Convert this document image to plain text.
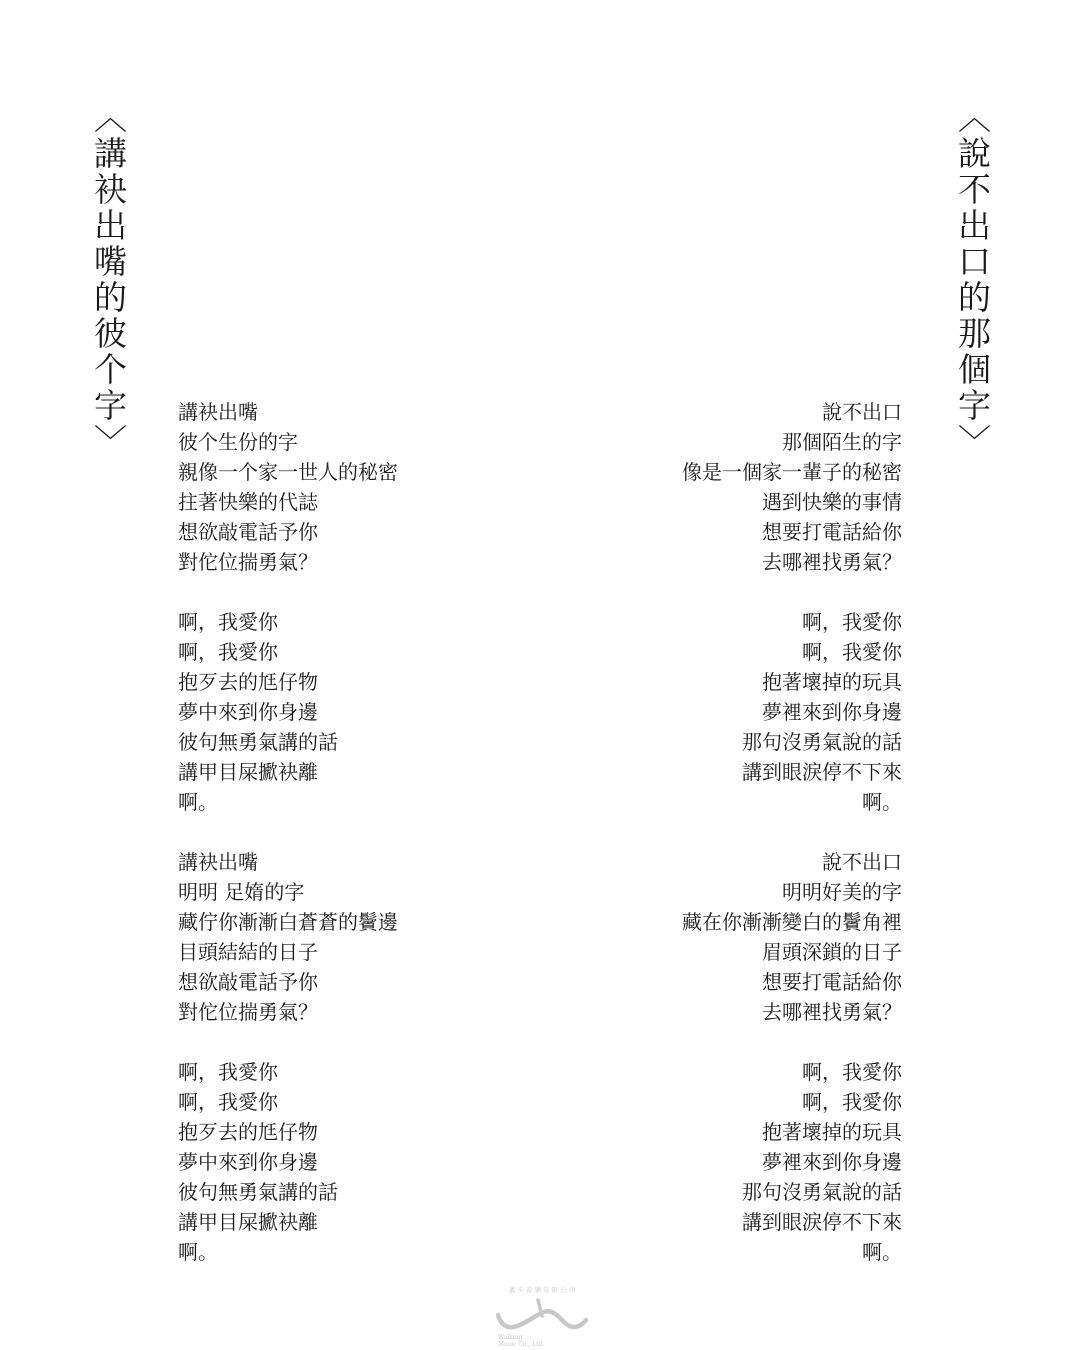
〈講袂出嘴的彼个字〉	〈說不出口的那個字〉
講袂出嘴
彼个生份的字
親像一个家一世人的秘密
拄著快樂的代誌
想欲敲電話予你
對佗位揣勇氣？
啊，我愛你
啊，我愛你
抱歹去的尪仔物
夢中來到你身邊
彼句無勇氣講的話
講甲目屎擨袂離
啊。
講袂出嘴
明明 足媠的字
藏佇你漸漸白蒼蒼的鬢邊
目頭結結的日子
想欲敲電話予你
對佗位揣勇氣？
啊，我愛你
啊，我愛你
抱歹去的尪仔物
夢中來到你身邊
彼句無勇氣講的話
講甲目屎擨袂離
啊。
說不出口
那個陌生的字
像是一個家一輩子的秘密
遇到快樂的事情
想要打電話給你
去哪裡找勇氣？
啊，我愛你
啊，我愛你
抱著壞掉的玩具
夢裡來到你身邊
那句沒勇氣說的話
講到眼淚停不下來
啊。
說不出口
明明好美的字
藏在你漸漸變白的鬢角裡
眉頭深鎖的日子
想要打電話給你
去哪裡找勇氣？
啊，我愛你
啊，我愛你
抱著壞掉的玩具
夢裡來到你身邊
那句沒勇氣說的話
講到眼淚停不下來
啊。
邁 步 音 樂 有 限 公 司
Walking
Music Co., Ltd.
